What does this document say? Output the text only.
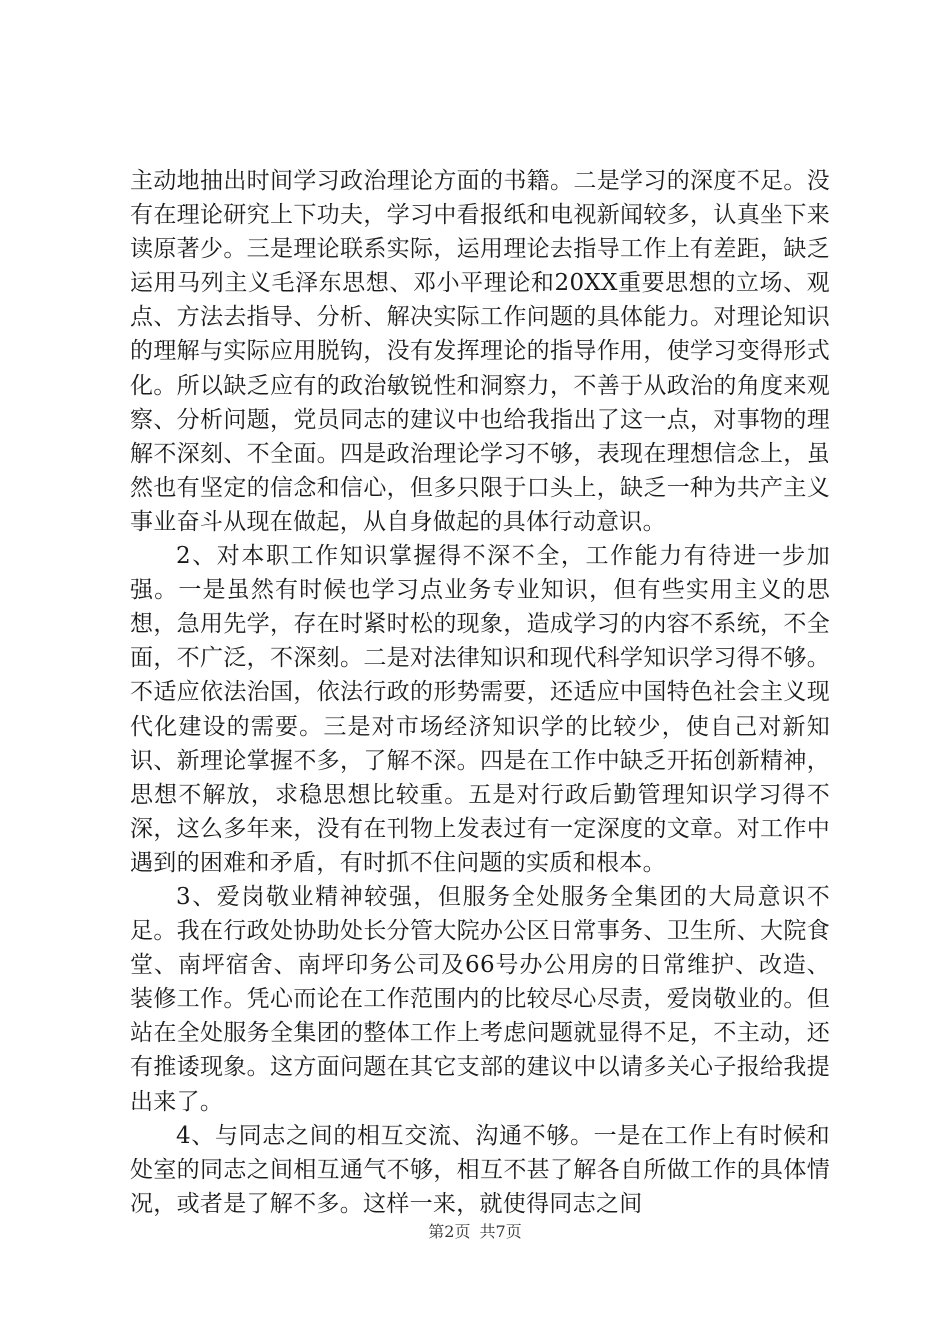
主动地抽出时间学习政治理论方面的书籍。二是学习的深度不足。没有在理论研究上下功夫，学习中看报纸和电视新闻较多，认真坐下来读原著少。三是理论联系实际，运用理论去指导工作上有差距，缺乏运用马列主义毛泽东思想、邓小平理论和20XX重要思想的立场、观点、方法去指导、分析、解决实际工作问题的具体能力。对理论知识的理解与实际应用脱钩，没有发挥理论的指导作用，使学习变得形式化。所以缺乏应有的政治敏锐性和洞察力，不善于从政治的角度来观察、分析问题，党员同志的建议中也给我指出了这一点，对事物的理解不深刻、不全面。四是政治理论学习不够，表现在理想信念上，虽然也有坚定的信念和信心，但多只限于口头上，缺乏一种为共产主义事业奋斗从现在做起，从自身做起的具体行动意识。

2、对本职工作知识掌握得不深不全，工作能力有待进一步加强。一是虽然有时候也学习点业务专业知识，但有些实用主义的思想，急用先学，存在时紧时松的现象，造成学习的内容不系统，不全面，不广泛，不深刻。二是对法律知识和现代科学知识学习得不够。不适应依法治国，依法行政的形势需要，还适应中国特色社会主义现代化建设的需要。三是对市场经济知识学的比较少，使自己对新知识、新理论掌握不多，了解不深。四是在工作中缺乏开拓创新精神，思想不解放，求稳思想比较重。五是对行政后勤管理知识学习得不深，这么多年来，没有在刊物上发表过有一定深度的文章。对工作中遇到的困难和矛盾，有时抓不住问题的实质和根本。

3、爱岗敬业精神较强，但服务全处服务全集团的大局意识不足。我在行政处协助处长分管大院办公区日常事务、卫生所、大院食堂、南坪宿舍、南坪印务公司及66号办公用房的日常维护、改造、装修工作。凭心而论在工作范围内的比较尽心尽责，爱岗敬业的。但站在全处服务全集团的整体工作上考虑问题就显得不足，不主动，还有推诿现象。这方面问题在其它支部的建议中以请多关心子报给我提出来了。

4、与同志之间的相互交流、沟通不够。一是在工作上有时候和处室的同志之间相互通气不够，相互不甚了解各自所做工作的具体情况，或者是了解不多。这样一来，就使得同志之间

第2页 共7页
